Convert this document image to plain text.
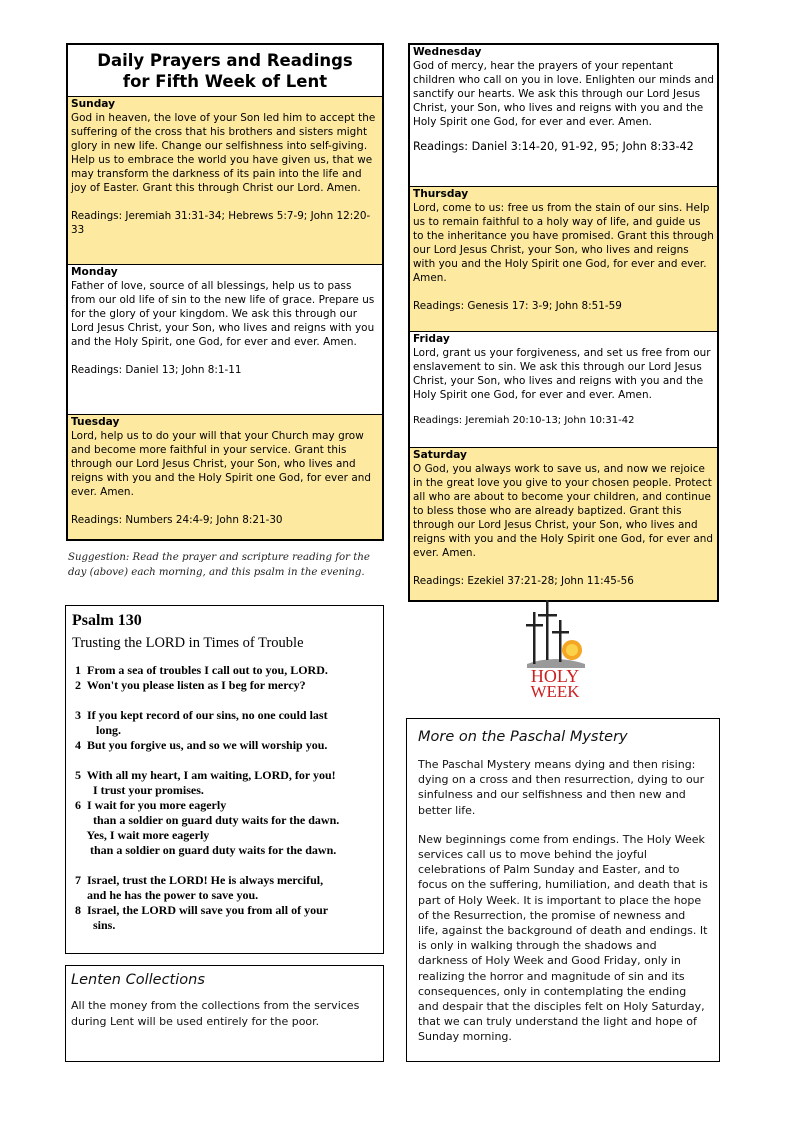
Daily Prayers and Readings
for Fifth Week of Lent
Sunday
God in heaven, the love of your Son led him to accept the suffering of the cross that his brothers and sisters might glory in new life. Change our selfishness into self-giving. Help us to embrace the world you have given us, that we may transform the darkness of its pain into the life and joy of Easter. Grant this through Christ our Lord. Amen.
Readings: Jeremiah 31:31-34; Hebrews 5:7-9; John 12:20-33
Monday
Father of love, source of all blessings, help us to pass from our old life of sin to the new life of grace. Prepare us for the glory of your kingdom. We ask this through our Lord Jesus Christ, your Son, who lives and reigns with you and the Holy Spirit, one God, for ever and ever. Amen.
Readings: Daniel 13; John 8:1-11
Tuesday
Lord, help us to do your will that your Church may grow and become more faithful in your service. Grant this through our Lord Jesus Christ, your Son, who lives and reigns with you and the Holy Spirit one God, for ever and ever. Amen.
Readings: Numbers 24:4-9; John 8:21-30
Wednesday
God of mercy, hear the prayers of your repentant children who call on you in love. Enlighten our minds and sanctify our hearts. We ask this through our Lord Jesus Christ, your Son, who lives and reigns with you and the Holy Spirit one God, for ever and ever. Amen.
Readings: Daniel 3:14-20, 91-92, 95; John 8:33-42
Thursday
Lord, come to us: free us from the stain of our sins. Help us to remain faithful to a holy way of life, and guide us to the inheritance you have promised. Grant this through our Lord Jesus Christ, your Son, who lives and reigns with you and the Holy Spirit one God, for ever and ever. Amen.
Readings: Genesis 17: 3-9; John 8:51-59
Friday
Lord, grant us your forgiveness, and set us free from our enslavement to sin. We ask this through our Lord Jesus Christ, your Son, who lives and reigns with you and the Holy Spirit one God, for ever and ever. Amen.
Readings: Jeremiah 20:10-13; John 10:31-42
Saturday
O God, you always work to save us, and now we rejoice in the great love you give to your chosen people. Protect all who are about to become your children, and continue to bless those who are already baptized. Grant this through our Lord Jesus Christ, your Son, who lives and reigns with you and the Holy Spirit one God, for ever and ever. Amen.
Readings: Ezekiel 37:21-28; John 11:45-56
Suggestion: Read the prayer and scripture reading for the day (above) each morning, and this psalm in the evening.
Psalm 130
Trusting the LORD in Times of Trouble
1  From a sea of troubles I call out to you, LORD.
2  Won't you please listen as I beg for mercy?
3  If you kept record of our sins, no one could last
long.
4  But you forgive us, and so we will worship you.
5  With all my heart, I am waiting, LORD, for you!
I trust your promises.
6  I wait for you more eagerly
than a soldier on guard duty waits for the dawn.
Yes, I wait more eagerly
than a soldier on guard duty waits for the dawn.
7  Israel, trust the LORD! He is always merciful,
and he has the power to save you.
8  Israel, the LORD will save you from all of your
sins.
Lenten Collections
All the money from the collections from the services during Lent will be used entirely for the poor.
HOLY
WEEK
More on the Paschal Mystery
The Paschal Mystery means dying and then rising: dying on a cross and then resurrection, dying to our sinfulness and our selfishness and then new and better life.
New beginnings come from endings. The Holy Week services call us to move behind the joyful celebrations of Palm Sunday and Easter, and to focus on the suffering, humiliation, and death that is part of Holy Week. It is important to place the hope of the Resurrection, the promise of newness and life, against the background of death and endings. It is only in walking through the shadows and darkness of Holy Week and Good Friday, only in realizing the horror and magnitude of sin and its consequences, only in contemplating the ending and despair that the disciples felt on Holy Saturday, that we can truly understand the light and hope of Sunday morning.
